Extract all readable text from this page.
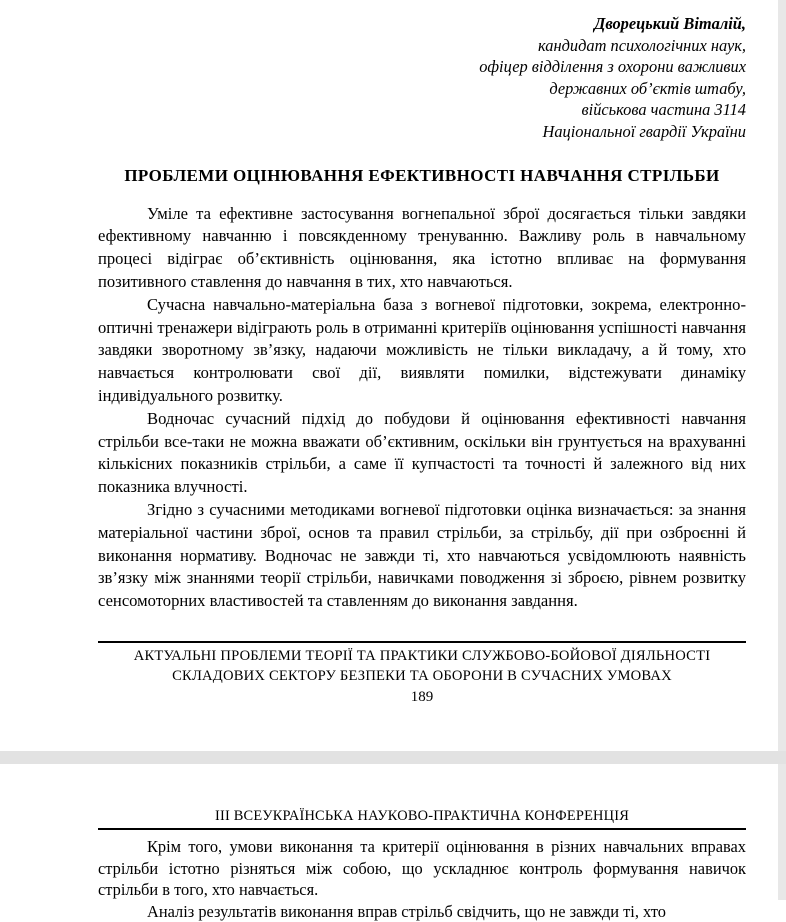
Дворецький Віталій,
кандидат психологічних наук,
офіцер відділення з охорони важливих
державних об’єктів штабу,
військова частина 3114
Національної гвардії України
ПРОБЛЕМИ ОЦІНЮВАННЯ ЕФЕКТИВНОСТІ НАВЧАННЯ СТРІЛЬБИ

Уміле та ефективне застосування вогнепальної зброї досягається тільки завдяки ефективному навчанню і повсякденному тренуванню. Важливу роль в навчальному процесі відіграє об’єктивність оцінювання, яка істотно впливає на формування позитивного ставлення до навчання в тих, хто навчаються.

Сучасна навчально-матеріальна база з вогневої підготовки, зокрема, електронно-оптичні тренажери відіграють роль в отриманні критеріїв оцінювання успішності навчання завдяки зворотному зв’язку, надаючи можливість не тільки викладачу, а й тому, хто навчається контролювати свої дії, виявляти помилки, відстежувати динаміку індивідуального розвитку.

Водночас сучасний підхід до побудови й оцінювання ефективності навчання стрільби все-таки не можна вважати об’єктивним, оскільки він грунтується на врахуванні кількісних показників стрільби, а саме її купчастості та точності й залежного від них показника влучності.

Згідно з сучасними методиками вогневої підготовки оцінка визначається: за знання матеріальної частини зброї, основ та правил стрільби, за стрільбу, дії при озброєнні й виконання нормативу. Водночас не завжди ті, хто навчаються усвідомлюють наявність зв’язку між знаннями теорії стрільби, навичками поводження зі зброєю, рівнем розвитку сенсомоторних властивостей та ставленням до виконання завдання.

АКТУАЛЬНІ ПРОБЛЕМИ ТЕОРІЇ ТА ПРАКТИКИ СЛУЖБОВО-БОЙОВОЇ ДІЯЛЬНОСТІ
СКЛАДОВИХ СЕКТОРУ БЕЗПЕКИ ТА ОБОРОНИ В СУЧАСНИХ УМОВАХ
189
ІІІ ВСЕУКРАЇНСЬКА НАУКОВО-ПРАКТИЧНА КОНФЕРЕНЦІЯ

Крім того, умови виконання та критерії оцінювання в різних навчальних вправах стрільби істотно різняться між собою, що ускладнює контроль формування навичок стрільби в того, хто навчається.

Аналіз результатів виконання вправ стрільб свідчить, що не завжди ті, хто
